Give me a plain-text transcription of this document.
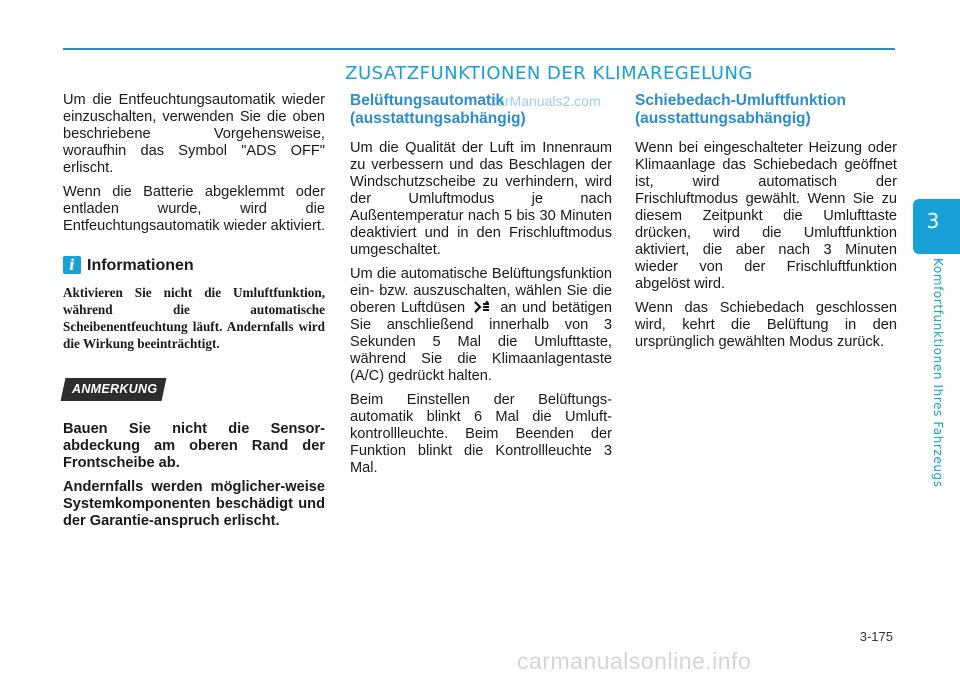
ZUSATZFUNKTIONEN DER KLIMAREGELUNG
CarManuals2.com

Um die Entfeuchtungsautomatik wieder einzuschalten, verwenden Sie die oben beschriebene Vorgehensweise, woraufhin das Symbol "ADS OFF" erlischt.

Wenn die Batterie abgeklemmt oder entladen wurde, wird die Entfeuchtungsautomatik wieder aktiviert.

i Informationen
Aktivieren Sie nicht die Umluftfunktion, während die automatische Scheibenentfeuchtung läuft. Andernfalls wird die Wirkung beeinträchtigt.
ANMERKUNG

Bauen Sie nicht die Sensor-abdeckung am oberen Rand der Frontscheibe ab.

Andernfalls werden möglicher-weise Systemkomponenten beschädigt und der Garantie-anspruch erlischt.

Belüftungsautomatik (ausstattungsabhängig)

Um die Qualität der Luft im Innenraum zu verbessern und das Beschlagen der Windschutzscheibe zu verhindern, wird der Umluftmodus je nach Außentemperatur nach 5 bis 30 Minuten deaktiviert und in den Frischluftmodus umgeschaltet.

Um die automatische Belüftungsfunktion ein- bzw. auszuschalten, wählen Sie die oberen Luftdüsen an und betätigen Sie anschließend innerhalb von 3 Sekunden 5 Mal die Umlufttaste, während Sie die Klimaanlagentaste (A/C) gedrückt halten.

Beim Einstellen der Belüftungs-automatik blinkt 6 Mal die Umluft-kontrollleuchte. Beim Beenden der Funktion blinkt die Kontrollleuchte 3 Mal.

Schiebedach-Umluftfunktion (ausstattungsabhängig)

Wenn bei eingeschalteter Heizung oder Klimaanlage das Schiebedach geöffnet ist, wird automatisch der Frischluftmodus gewählt. Wenn Sie zu diesem Zeitpunkt die Umlufttaste drücken, wird die Umluftfunktion aktiviert, die aber nach 3 Minuten wieder von der Frischluftfunktion abgelöst wird.

Wenn das Schiebedach geschlossen wird, kehrt die Belüftung in den ursprünglich gewählten Modus zurück.

3
Komfortfunktionen Ihres Fahrzeugs
3-175
carmanualsonline.info
